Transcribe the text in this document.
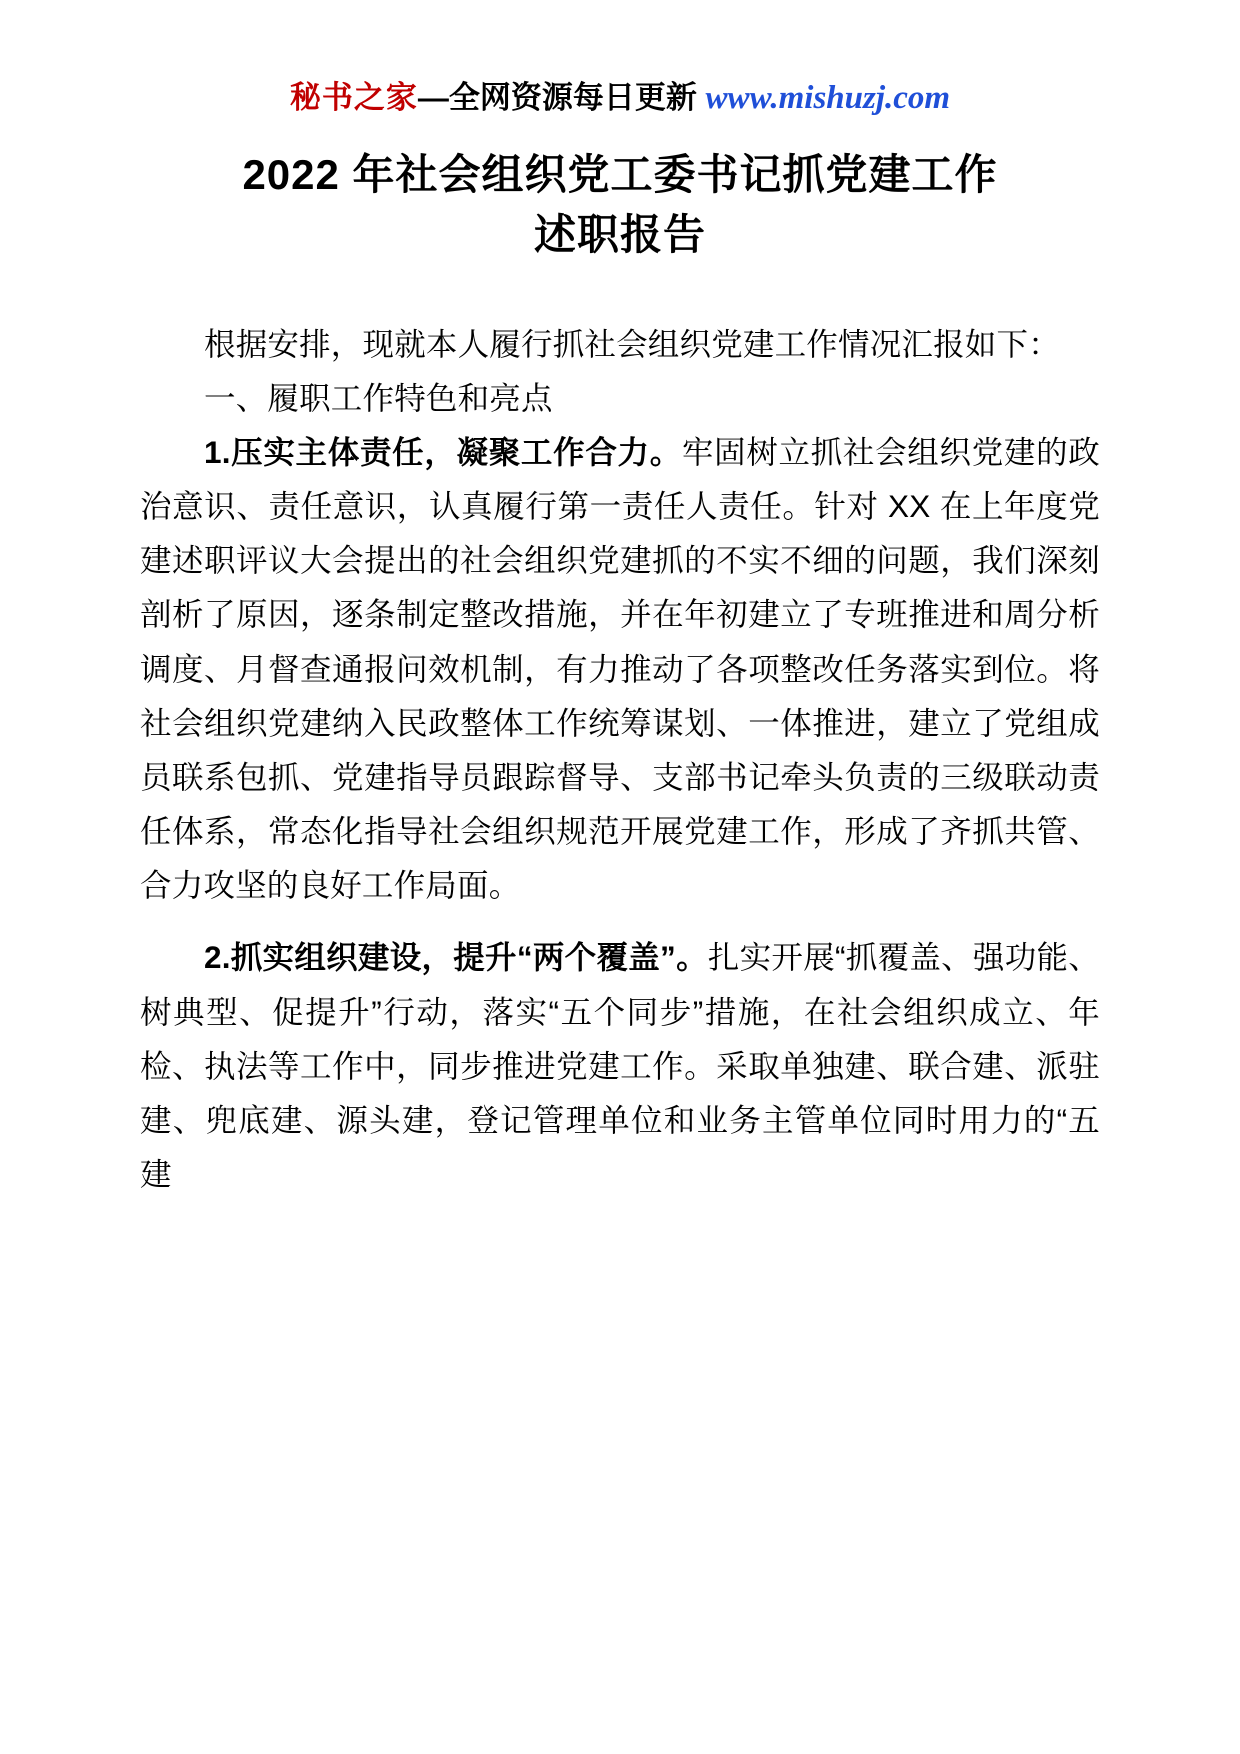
秘书之家—全网资源每日更新 www.mishuzj.com
2022 年社会组织党工委书记抓党建工作
述职报告

根据安排，现就本人履行抓社会组织党建工作情况汇报如下：

一、履职工作特色和亮点

1.压实主体责任，凝聚工作合力。牢固树立抓社会组织党建的政治意识、责任意识，认真履行第一责任人责任。针对 XX 在上年度党建述职评议大会提出的社会组织党建抓的不实不细的问题，我们深刻剖析了原因，逐条制定整改措施，并在年初建立了专班推进和周分析调度、月督查通报问效机制，有力推动了各项整改任务落实到位。将社会组织党建纳入民政整体工作统筹谋划、一体推进，建立了党组成员联系包抓、党建指导员跟踪督导、支部书记牵头负责的三级联动责任体系，常态化指导社会组织规范开展党建工作，形成了齐抓共管、合力攻坚的良好工作局面。

2.抓实组织建设，提升“两个覆盖”。扎实开展“抓覆盖、强功能、树典型、促提升”行动，落实“五个同步”措施，在社会组织成立、年检、执法等工作中，同步推进党建工作。采取单独建、联合建、派驻建、兜底建、源头建，登记管理单位和业务主管单位同时用力的“五建
